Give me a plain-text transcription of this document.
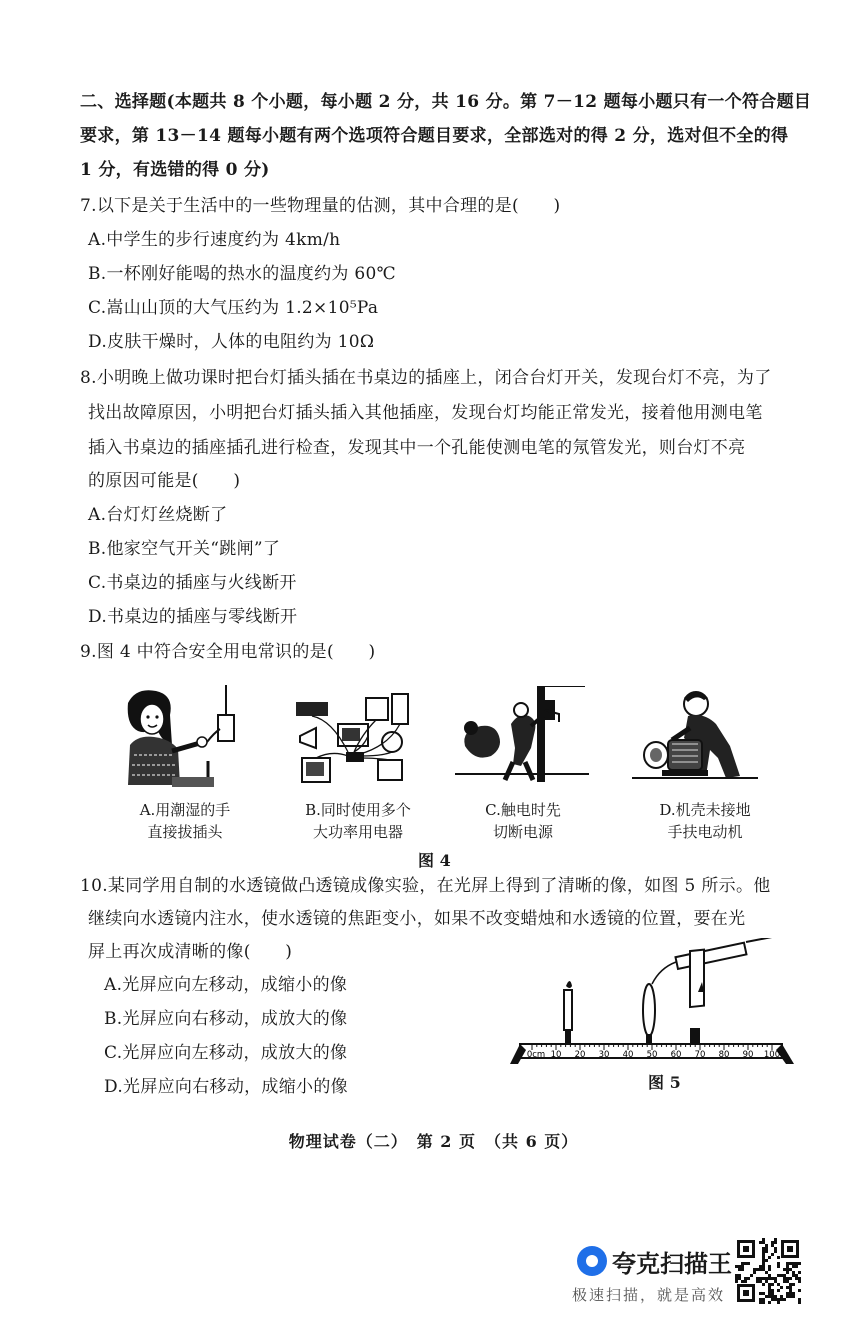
二、选择题(本题共 8 个小题，每小题 2 分，共 16 分。第 7－12 题每小题只有一个符合题目
要求，第 13－14 题每小题有两个选项符合题目要求，全部选对的得 2 分，选对但不全的得
1 分，有选错的得 0 分)
7.以下是关于生活中的一些物理量的估测，其中合理的是(　　)
A.中学生的步行速度约为 4km/h
B.一杯刚好能喝的热水的温度约为 60℃
C.嵩山山顶的大气压约为 1.2×10⁵Pa
D.皮肤干燥时，人体的电阻约为 10Ω
8.小明晚上做功课时把台灯插头插在书桌边的插座上，闭合台灯开关，发现台灯不亮，为了
找出故障原因，小明把台灯插头插入其他插座，发现台灯均能正常发光，接着他用测电笔
插入书桌边的插座插孔进行检查，发现其中一个孔能使测电笔的氖管发光，则台灯不亮
的原因可能是(　　)
A.台灯灯丝烧断了
B.他家空气开关“跳闸”了
C.书桌边的插座与火线断开
D.书桌边的插座与零线断开
9.图 4 中符合安全用电常识的是(　　)
A.用潮湿的手
直接拔插头
B.同时使用多个
大功率用电器
C.触电时先
切断电源
D.机壳未接地
手扶电动机
图 4
10.某同学用自制的水透镜做凸透镜成像实验，在光屏上得到了清晰的像，如图 5 所示。他
继续向水透镜内注水，使水透镜的焦距变小，如果不改变蜡烛和水透镜的位置，要在光
屏上再次成清晰的像(　　)
A.光屏应向左移动，成缩小的像
B.光屏应向右移动，成放大的像
C.光屏应向左移动，成放大的像
D.光屏应向右移动，成缩小的像
0cm 10 20 30 40 50 60 70 80 90 100
图 5
物理试卷（二）　第 2 页　（共 6 页）
夸克扫描王
极速扫描，就是高效
